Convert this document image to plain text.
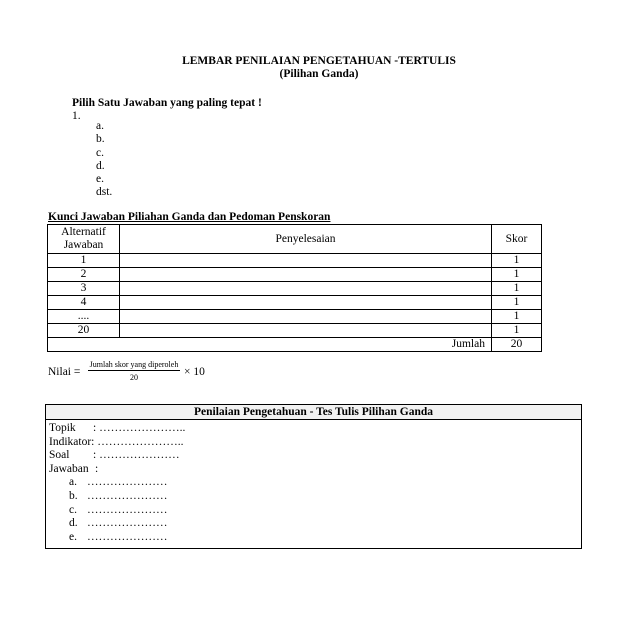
LEMBAR PENILAIAN PENGETAHUAN -TERTULIS
(Pilihan Ganda)
Pilih Satu Jawaban yang paling tepat !
1.
a.
b.
c.
d.
e.
dst.
Kunci Jawaban Piliahan Ganda dan Pedoman Penskoran
Alternatif Jawaban	Penyelesaian	Skor
1		1
2		1
3		1
4		1
....		1
20		1
Jumlah		20
Nilai =
Jumlah skor yang diperoleh
20	× 10
Penilaian Pengetahuan - Tes Tulis Pilihan Ganda
Topik : …………………..
Indikator: …………………..
Soal : …………………
Jawaban :
a. …………………
b. …………………
c. …………………
d. …………………
e. …………………
